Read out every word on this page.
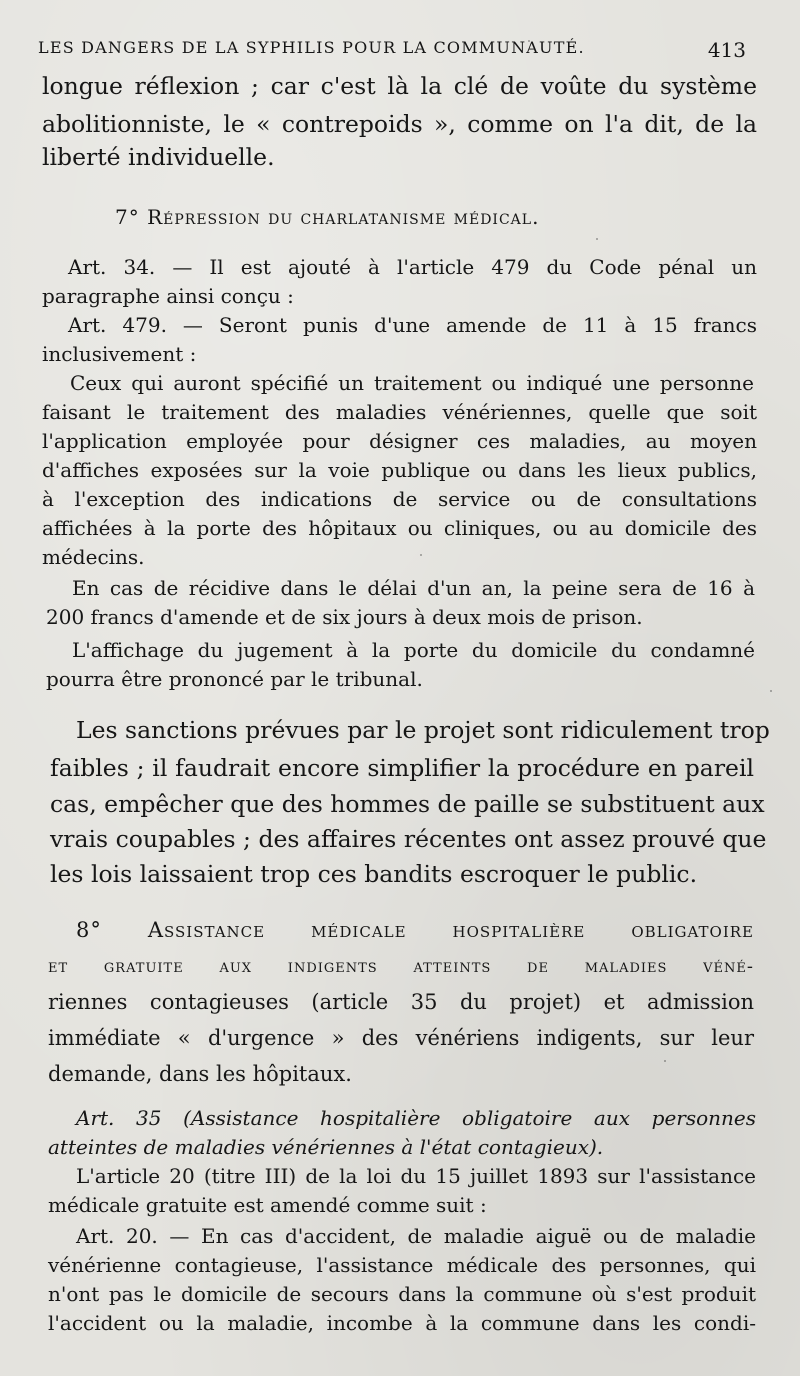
LES DANGERS DE LA SYPHILIS POUR LA COMMUNAUTÉ.	413
longue réflexion ; car c'est là la clé de voûte du système
abolitionniste, le « contrepoids », comme on l'a dit, de la
liberté individuelle.
7° Répression du charlatanisme médical.
Art. 34. — Il est ajouté à l'article 479 du Code pénal un
paragraphe ainsi conçu :
Art. 479. — Seront punis d'une amende de 11 à 15 francs
inclusivement :
Ceux qui auront spécifié un traitement ou indiqué une personne
faisant le traitement des maladies vénériennes, quelle que soit
l'application employée pour désigner ces maladies, au moyen
d'affiches exposées sur la voie publique ou dans les lieux publics,
à l'exception des indications de service ou de consultations
affichées à la porte des hôpitaux ou cliniques, ou au domicile des
médecins.
En cas de récidive dans le délai d'un an, la peine sera de 16 à
200 francs d'amende et de six jours à deux mois de prison.
L'affichage du jugement à la porte du domicile du condamné
pourra être prononcé par le tribunal.
Les sanctions prévues par le projet sont ridiculement trop
faibles ; il faudrait encore simplifier la procédure en pareil
cas, empêcher que des hommes de paille se substituent aux
vrais coupables ; des affaires récentes ont assez prouvé que
les lois laissaient trop ces bandits escroquer le public.
8° Assistance médicale hospitalière obligatoire
et gratuite aux indigents atteints de maladies véné-
riennes contagieuses (article 35 du projet) et admission
immédiate « d'urgence » des vénériens indigents, sur leur
demande, dans les hôpitaux.
Art. 35 (Assistance hospitalière obligatoire aux personnes
atteintes de maladies vénériennes à l'état contagieux).
L'article 20 (titre III) de la loi du 15 juillet 1893 sur l'assistance
médicale gratuite est amendé comme suit :
Art. 20. — En cas d'accident, de maladie aiguë ou de maladie
vénérienne contagieuse, l'assistance médicale des personnes, qui
n'ont pas le domicile de secours dans la commune où s'est produit
l'accident ou la maladie, incombe à la commune dans les condi-
